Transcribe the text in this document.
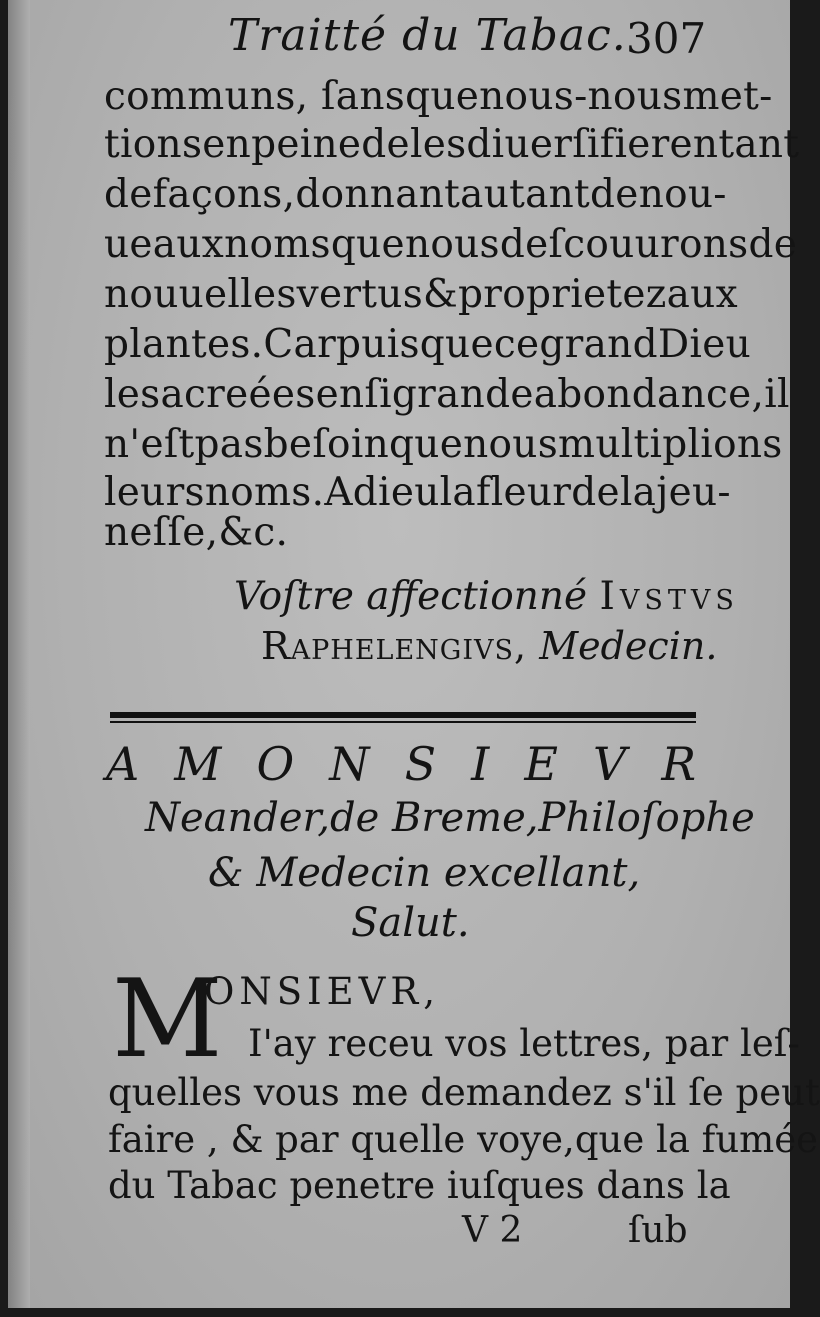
Traitté du Tabac. 307
communs , ſans que nous-nous met-
tions en peine de les diuerſifier en tant
de façons , donnant autant de nou-
ueaux noms que nous deſcouurons de
nouuelles vertus & proprietez aux
plantes. Car puis que ce grand Dieu
les a creées en ſi grande abondance, il
n'eſt pas beſoin que nous multiplions
leurs noms. Adieu la fleur de la jeu-
neſſe,&c.
Voſtre affectionné Ivstvs
Raphelengivs, Medecin.
A M O N S I E V R
Neander,de Breme,Philoſophe
& Medecin excellant,
Salut.
M
ONSIEVR,
I'ay receu vos lettres, par leſ-
quelles vous me demandez s'il ſe peut
faire , & par quelle voye,que la fumée
du Tabac penetre iuſques dans la
V 2	ſub
